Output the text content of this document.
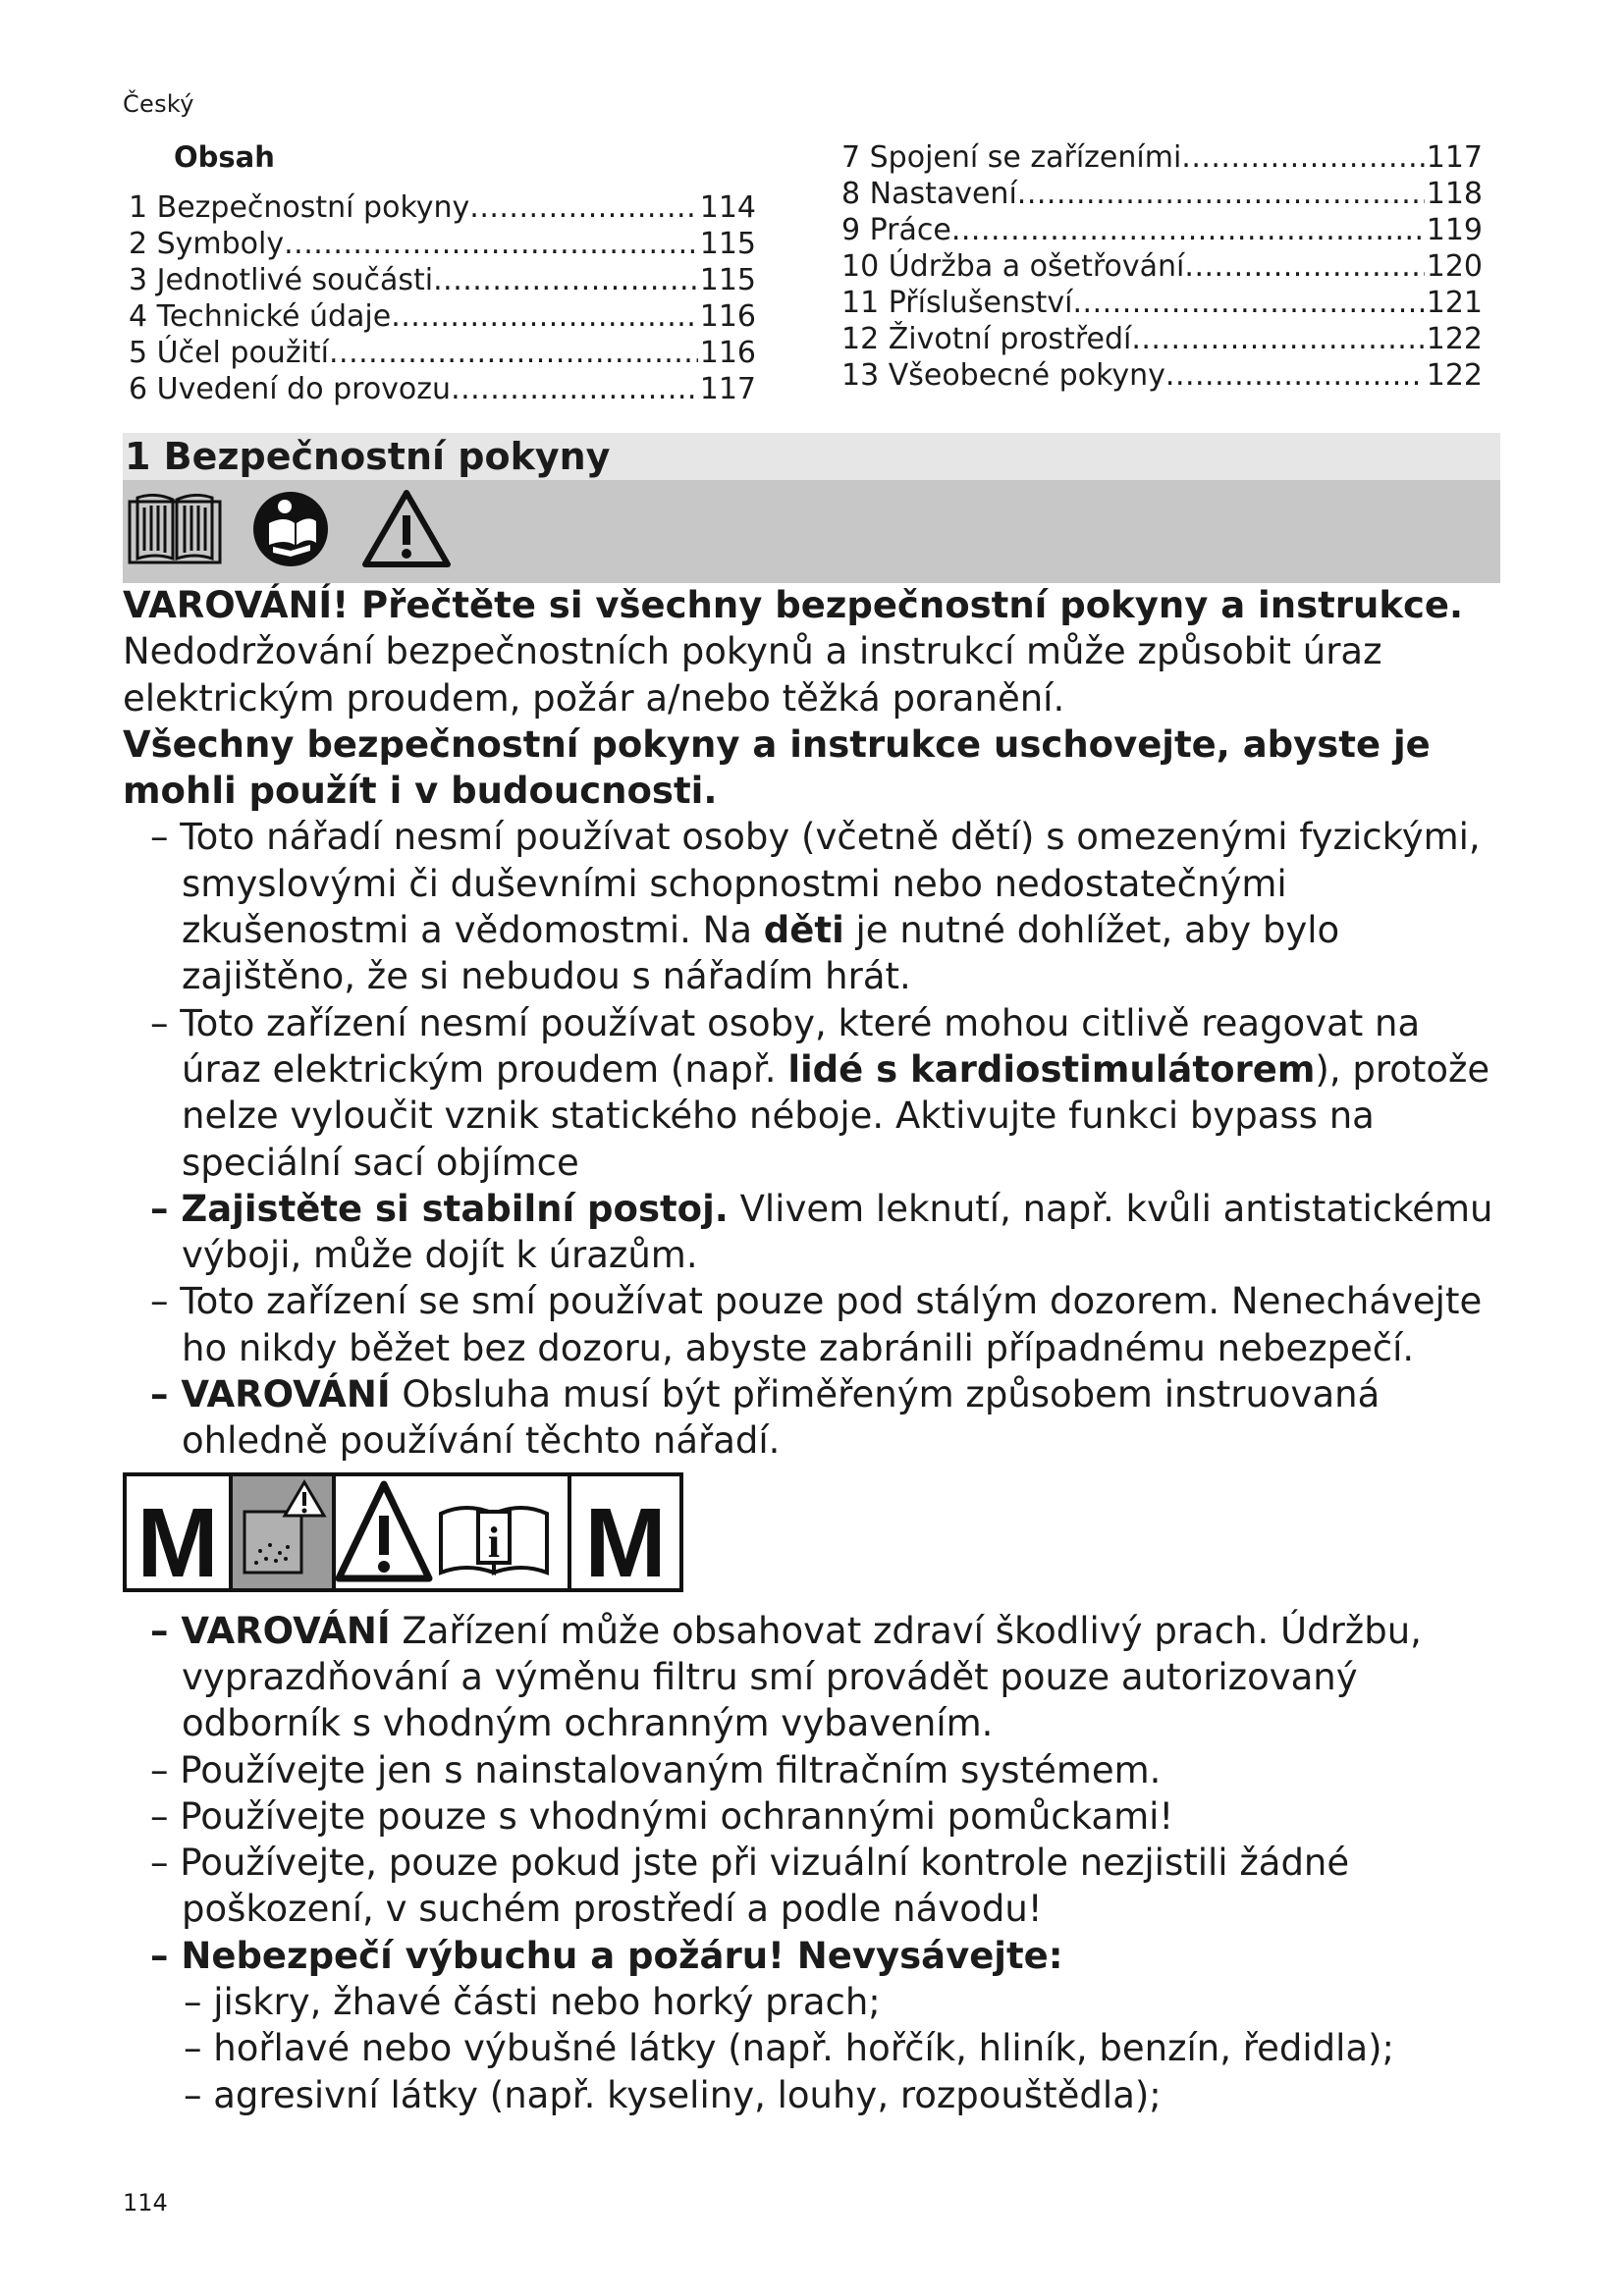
Český
Obsah
1 Bezpečnostní pokyny .....	114
2 Symboly .....	115
3 Jednotlivé součásti .....	115
4 Technické údaje .....	116
5 Účel použití .....	116
6 Uvedení do provozu .....	117
7 Spojení se zařízeními .....	117
8 Nastavení .....	118
9 Práce .....	119
10 Údržba a ošetřování .....	120
11 Příslušenství .....	121
12 Životní prostředí .....	122
13 Všeobecné pokyny .....	122
1 Bezpečnostní pokyny

VAROVÁNÍ! Přečtěte si všechny bezpečnostní pokyny a instrukce. Nedodržování bezpečnostních pokynů a instrukcí může způsobit úraz elektrickým proudem, požár a/nebo těžká poranění.

Všechny bezpečnostní pokyny a instrukce uschovejte, abyste je mohli použít i v budoucnosti.

– Toto nářadí nesmí používat osoby (včetně dětí) s omezenými fyzickými, smyslovými či duševními schopnostmi nebo nedostatečnými zkušenostmi a vědomostmi. Na děti je nutné dohlížet, aby bylo zajištěno, že si nebudou s nářadím hrát.

– Toto zařízení nesmí používat osoby, které mohou citlivě reagovat na úraz elektrickým proudem (např. lidé s kardiostimulátorem), protože nelze vyloučit vznik statického néboje. Aktivujte funkci bypass na speciální sací objímce

– Zajistěte si stabilní postoj. Vlivem leknutí, např. kvůli antistatickému výboji, může dojít k úrazům.

– Toto zařízení se smí používat pouze pod stálým dozorem. Nenechávejte ho nikdy běžet bez dozoru, abyste zabránili případnému nebezpečí.

– VAROVÁNÍ Obsluha musí být přiměřeným způsobem instruovaná ohledně používání těchto nářadí.

M	i M

– VAROVÁNÍ Zařízení může obsahovat zdraví škodlivý prach. Údržbu, vyprazdňování a výměnu filtru smí provádět pouze autorizovaný odborník s vhodným ochranným vybavením.

– Používejte jen s nainstalovaným filtračním systémem.

– Používejte pouze s vhodnými ochrannými pomůckami!

– Používejte, pouze pokud jste při vizuální kontrole nezjistili žádné poškození, v suchém prostředí a podle návodu!

– Nebezpečí výbuchu a požáru! Nevysávejte:

– jiskry, žhavé části nebo horký prach;

– hořlavé nebo výbušné látky (např. hořčík, hliník, benzín, ředidla);

– agresivní látky (např. kyseliny, louhy, rozpouštědla);

114
